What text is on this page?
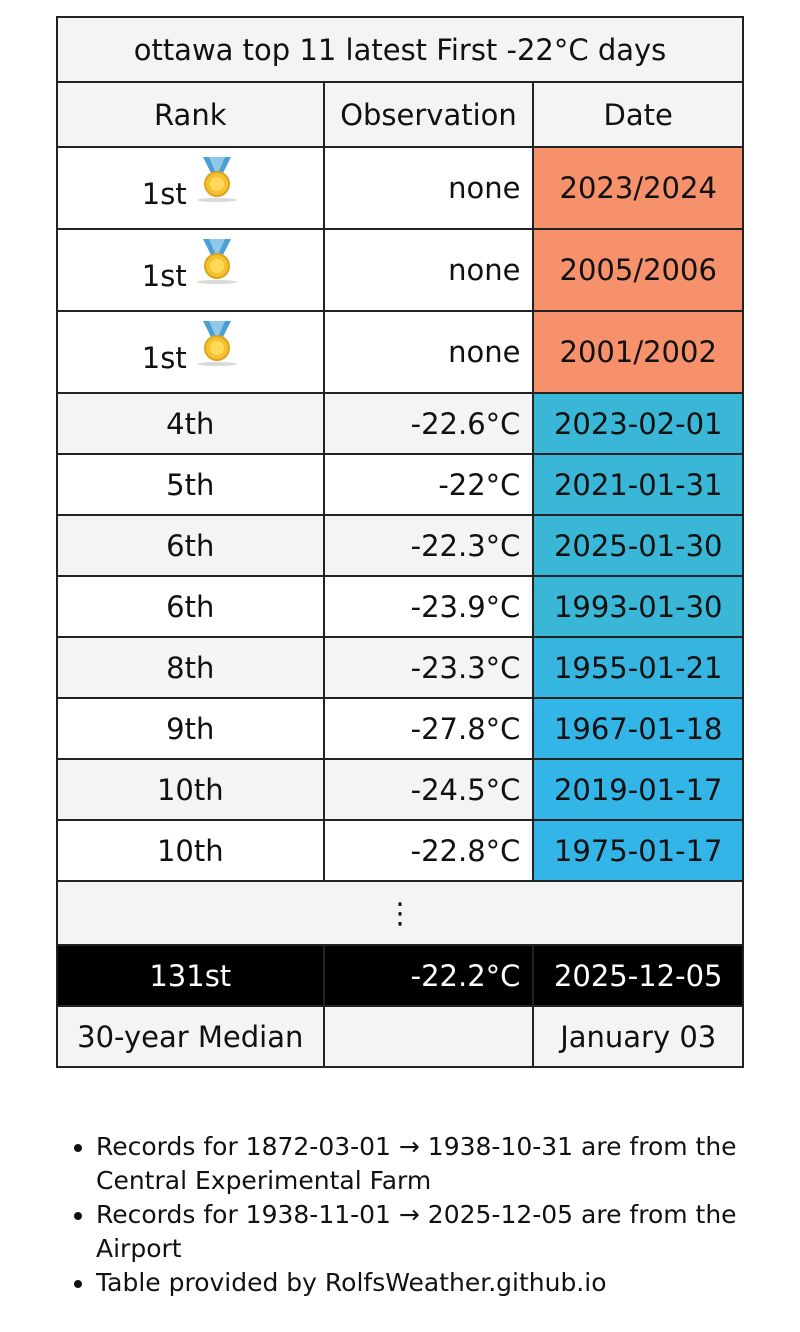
ottawa top 11 latest First -22°C days		
Rank	Observation	Date
1st	none	2023/2024
1st	none	2005/2006
1st	none	2001/2002
4th	-22.6°C	2023-02-01
5th	-22°C	2021-01-31
6th	-22.3°C	2025-01-30
6th	-23.9°C	1993-01-30
8th	-23.3°C	1955-01-21
9th	-27.8°C	1967-01-18
10th	-24.5°C	2019-01-17
10th	-22.8°C	1975-01-17
⋮		
131st	-22.2°C	2025-12-05
30-year Median		January 03
• Records for 1872-03-01 → 1938-10-31 are from the Central Experimental Farm
• Records for 1938-11-01 → 2025-12-05 are from the Airport
• Table provided by RolfsWeather.github.io
